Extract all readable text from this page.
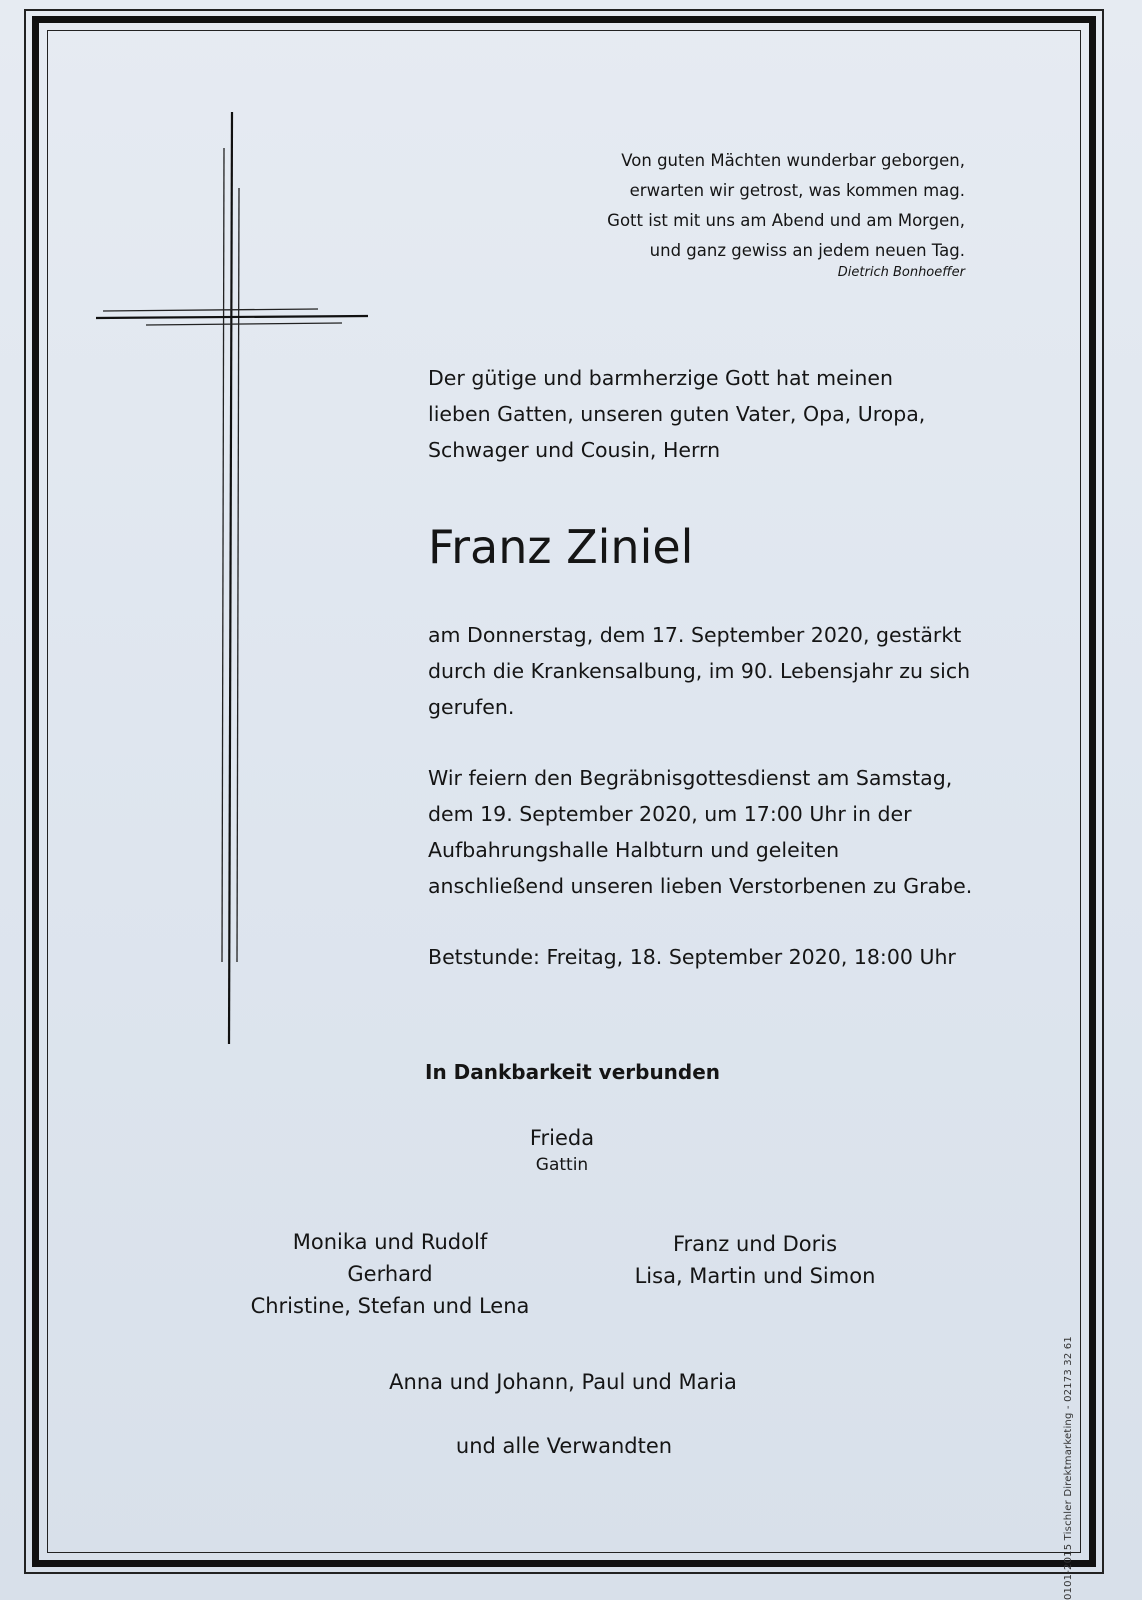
Von guten Mächten wunderbar geborgen,
erwarten wir getrost, was kommen mag.
Gott ist mit uns am Abend und am Morgen,
und ganz gewiss an jedem neuen Tag.
Dietrich Bonhoeffer
Der gütige und barmherzige Gott hat meinen
lieben Gatten, unseren guten Vater, Opa, Uropa,
Schwager und Cousin, Herrn
Franz Ziniel
am Donnerstag, dem 17. September 2020, gestärkt
durch die Krankensalbung, im 90. Lebensjahr zu sich
gerufen.
Wir feiern den Begräbnisgottesdienst am Samstag,
dem 19. September 2020, um 17:00 Uhr in der
Aufbahrungshalle Halbturn und geleiten
anschließend unseren lieben Verstorbenen zu Grabe.
Betstunde: Freitag, 18. September 2020, 18:00 Uhr
In Dankbarkeit verbunden
Frieda
Gattin
Monika und Rudolf
Gerhard
Christine, Stefan und Lena
Franz und Doris
Lisa, Martin und Simon
Anna und Johann, Paul und Maria
und alle Verwandten	0101-2015 Tischler Direktmarketing - 02173 32 61
